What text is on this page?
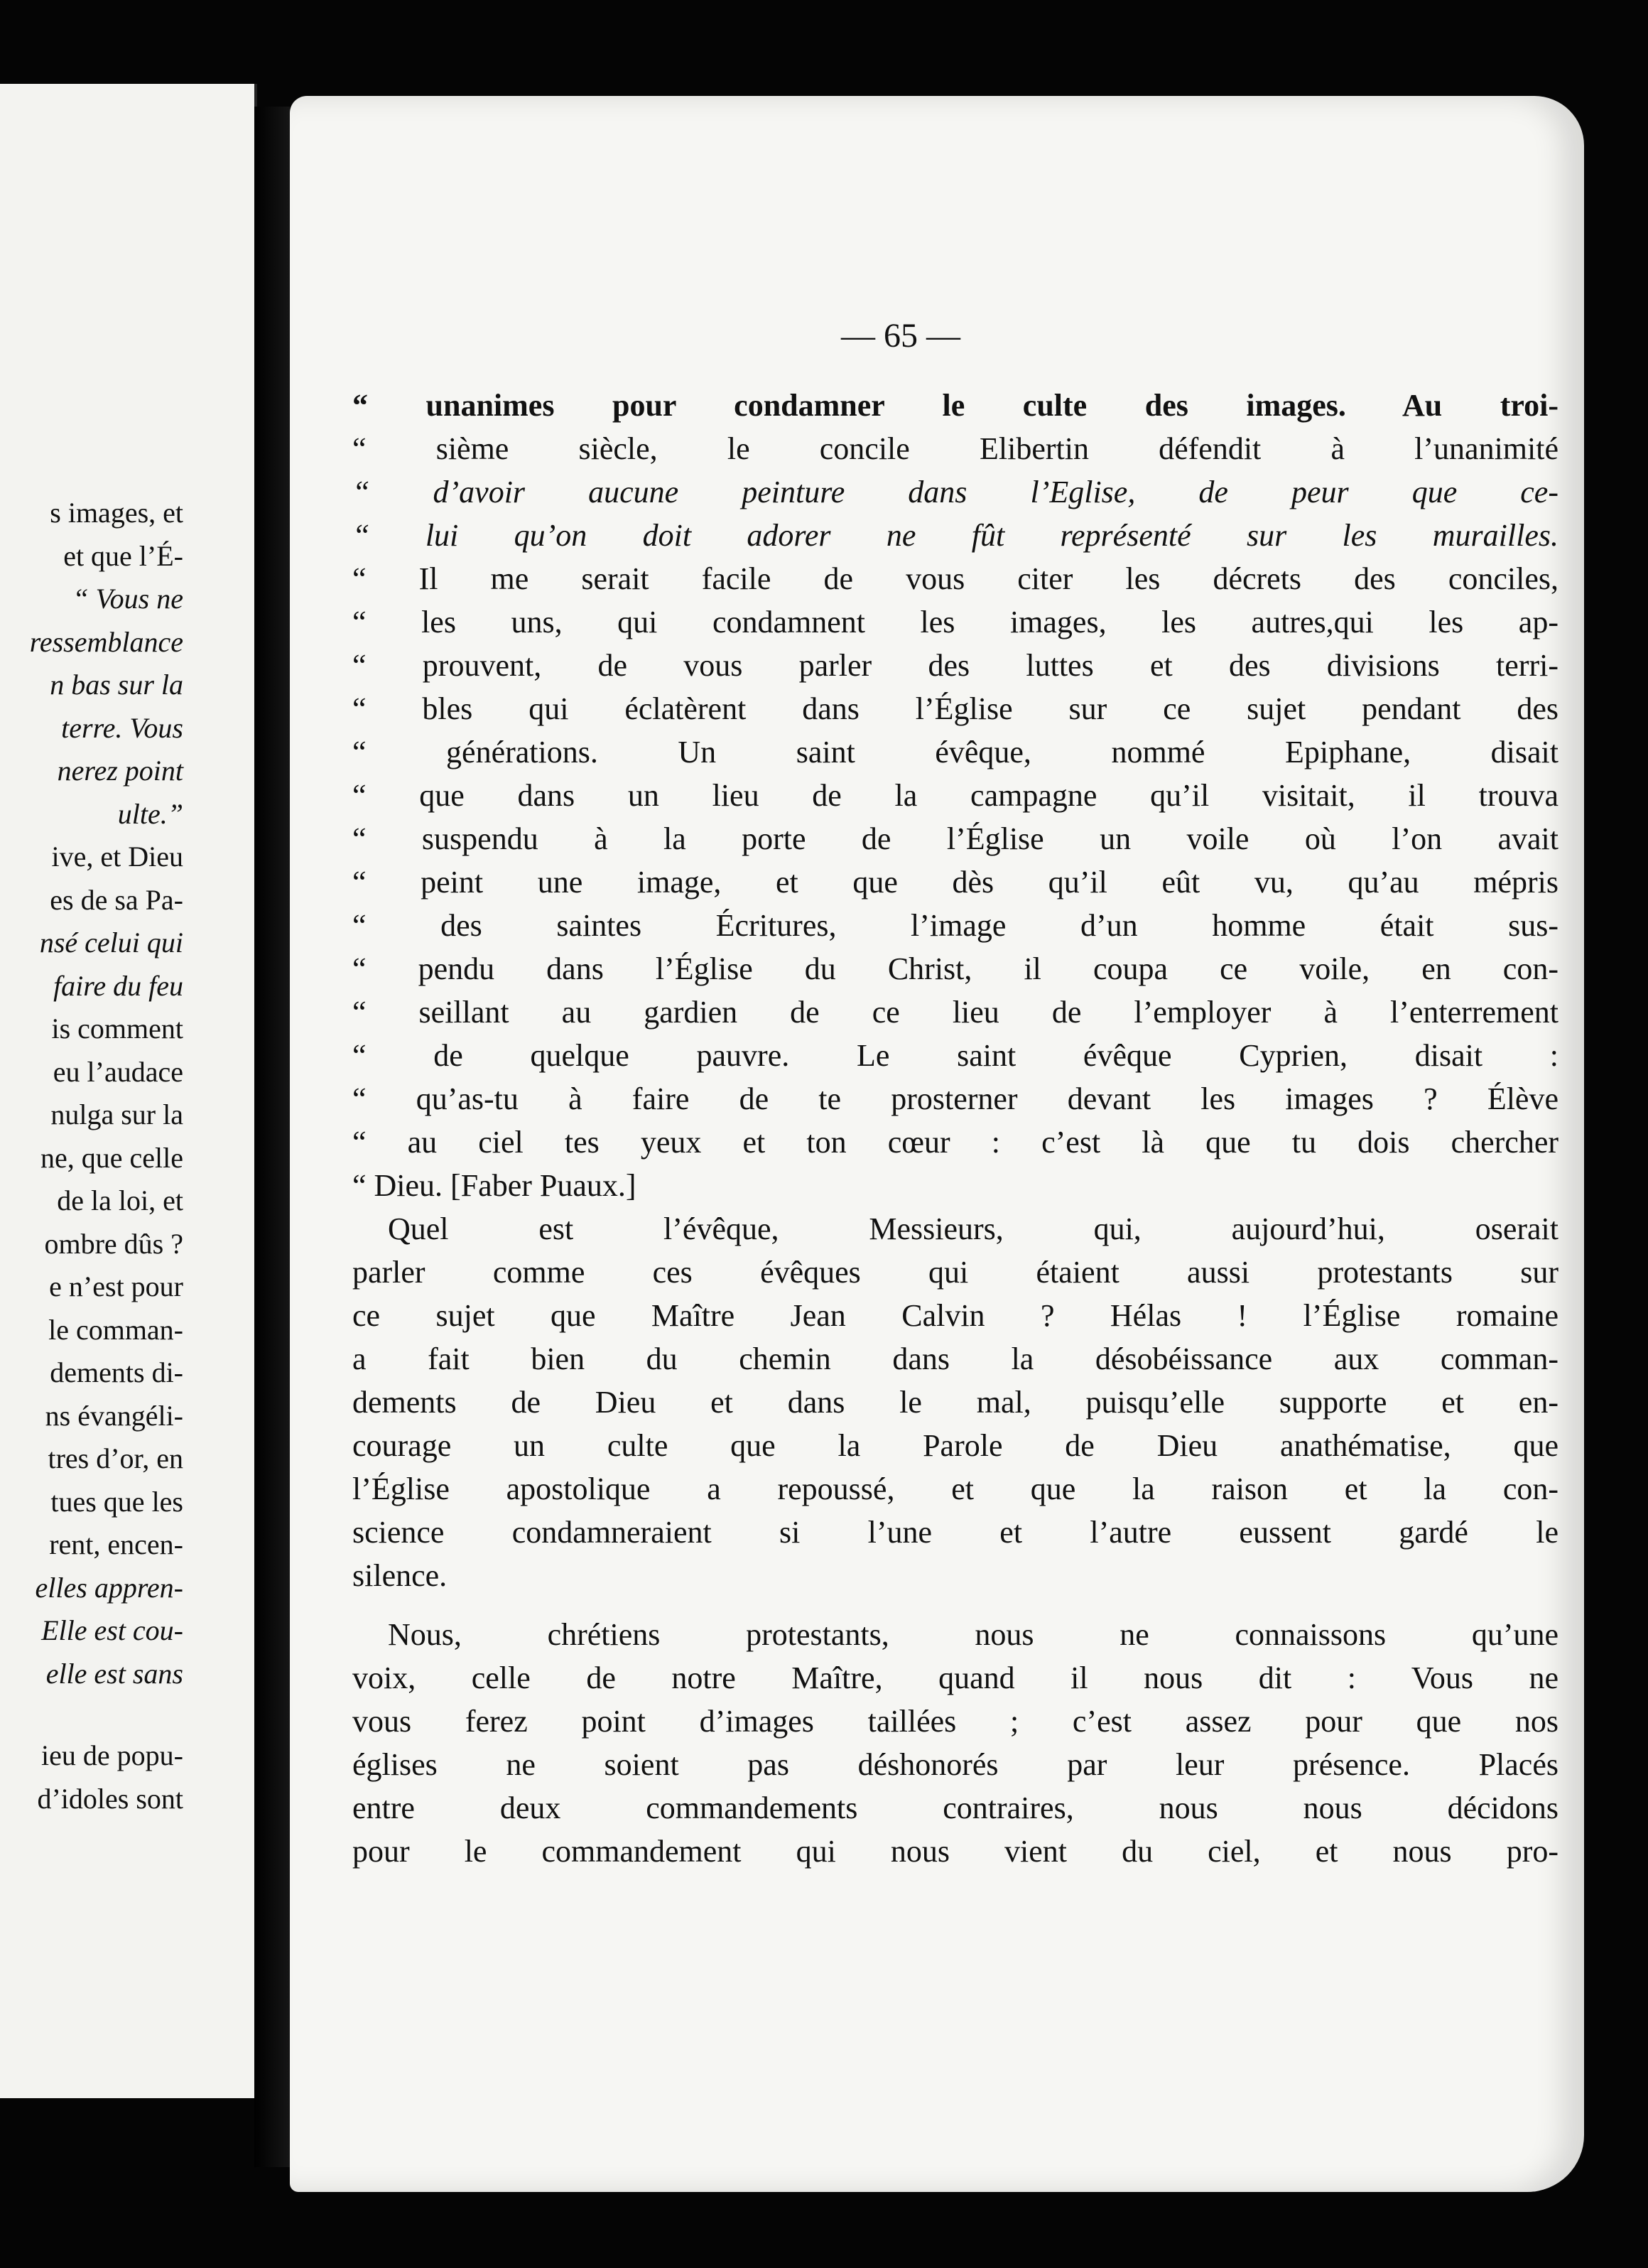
s images, et
et que l’É-
“ Vous ne
ressemblance
n bas sur la
terre. Vous
nerez point
ulte.”
ive, et Dieu
es de sa Pa-
nsé celui qui
faire du feu
is comment
eu l’audace
nulga sur la
ne, que celle
de la loi, et
ombre dûs ?
e n’est pour
le comman-
dements di-
ns évangéli-
tres d’or, en
tues que les
rent, encen-
elles appren-
Elle est cou-
elle est sans
ieu de popu-
d’idoles sont
— 65 —
“ unanimes pour condamner le culte des images. Au troi-
“ sième siècle, le concile Elibertin défendit à l’unanimité
“ d’avoir aucune peinture dans l’Eglise, de peur que ce-
“ lui qu’on doit adorer ne fût représenté sur les murailles.
“ Il me serait facile de vous citer les décrets des conciles,
“ les uns, qui condamnent les images, les autres,qui les ap-
“ prouvent, de vous parler des luttes et des divisions terri-
“ bles qui éclatèrent dans l’Église sur ce sujet pendant des
“ générations. Un saint évêque, nommé Epiphane, disait
“ que dans un lieu de la campagne qu’il visitait, il trouva
“ suspendu à la porte de l’Église un voile où l’on avait
“ peint une image, et que dès qu’il eût vu, qu’au mépris
“ des saintes Écritures, l’image d’un homme était sus-
“ pendu dans l’Église du Christ, il coupa ce voile, en con-
“ seillant au gardien de ce lieu de l’employer à l’enterrement
“ de quelque pauvre. Le saint évêque Cyprien, disait :
“ qu’as-tu à faire de te prosterner devant les images ? Élève
“ au ciel tes yeux et ton cœur : c’est là que tu dois chercher
“ Dieu. [Faber Puaux.]
Quel est l’évêque, Messieurs, qui, aujourd’hui, oserait
parler comme ces évêques qui étaient aussi protestants sur
ce sujet que Maître Jean Calvin ? Hélas ! l’Église romaine
a fait bien du chemin dans la désobéissance aux comman-
dements de Dieu et dans le mal, puisqu’elle supporte et en-
courage un culte que la Parole de Dieu anathématise, que
l’Église apostolique a repoussé, et que la raison et la con-
science condamneraient si l’une et l’autre eussent gardé le
silence.
Nous, chrétiens protestants, nous ne connaissons qu’une
voix, celle de notre Maître, quand il nous dit : Vous ne
vous ferez point d’images taillées ; c’est assez pour que nos
églises ne soient pas déshonorés par leur présence. Placés
entre deux commandements contraires, nous nous décidons
pour le commandement qui nous vient du ciel, et nous pro-
